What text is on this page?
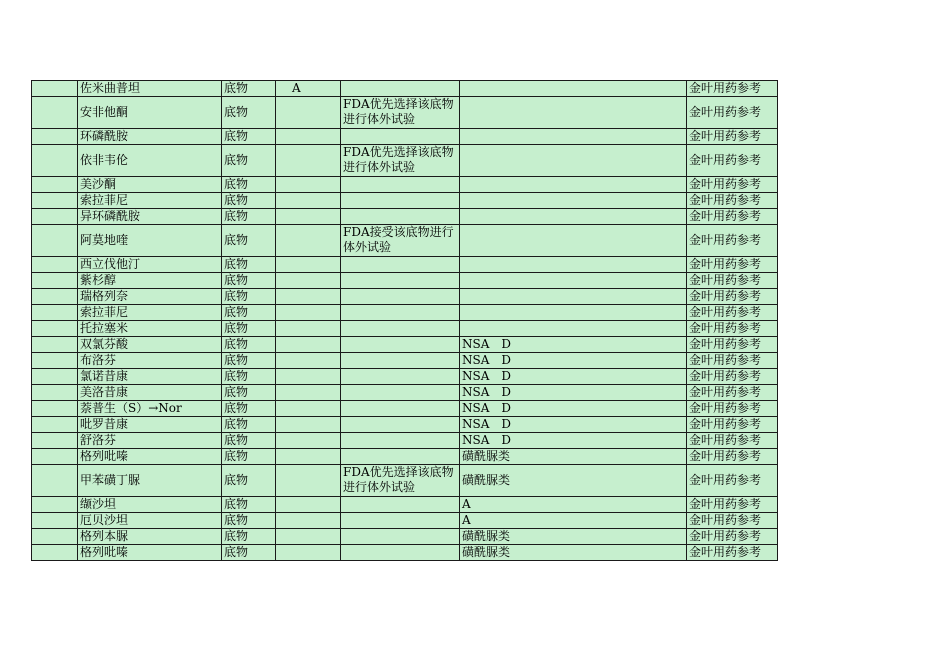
	佐米曲普坦	底物	A			金叶用药参考
	安非他酮	底物		FDA优先选择该底物进行体外试验		金叶用药参考
	环磷酰胺	底物				金叶用药参考
	依非韦伦	底物		FDA优先选择该底物进行体外试验		金叶用药参考
	美沙酮	底物				金叶用药参考
	索拉菲尼	底物				金叶用药参考
	异环磷酰胺	底物				金叶用药参考
	阿莫地喹	底物		FDA接受该底物进行体外试验		金叶用药参考
	西立伐他汀	底物				金叶用药参考
	紫杉醇	底物				金叶用药参考
	瑞格列奈	底物				金叶用药参考
	索拉菲尼	底物				金叶用药参考
	托拉塞米	底物				金叶用药参考
	双氯芬酸	底物			NSA　D	金叶用药参考
	布洛芬	底物			NSA　D	金叶用药参考
	氯诺昔康	底物			NSA　D	金叶用药参考
	美洛昔康	底物			NSA　D	金叶用药参考
	萘普生（S）→Nor	底物			NSA　D	金叶用药参考
	吡罗昔康	底物			NSA　D	金叶用药参考
	舒洛芬	底物			NSA　D	金叶用药参考
	格列吡嗪	底物			磺酰脲类	金叶用药参考
	甲苯磺丁脲	底物		FDA优先选择该底物进行体外试验	磺酰脲类	金叶用药参考
	缬沙坦	底物			A	金叶用药参考
	厄贝沙坦	底物			A	金叶用药参考
	格列本脲	底物			磺酰脲类	金叶用药参考
	格列吡嗪	底物			磺酰脲类	金叶用药参考
